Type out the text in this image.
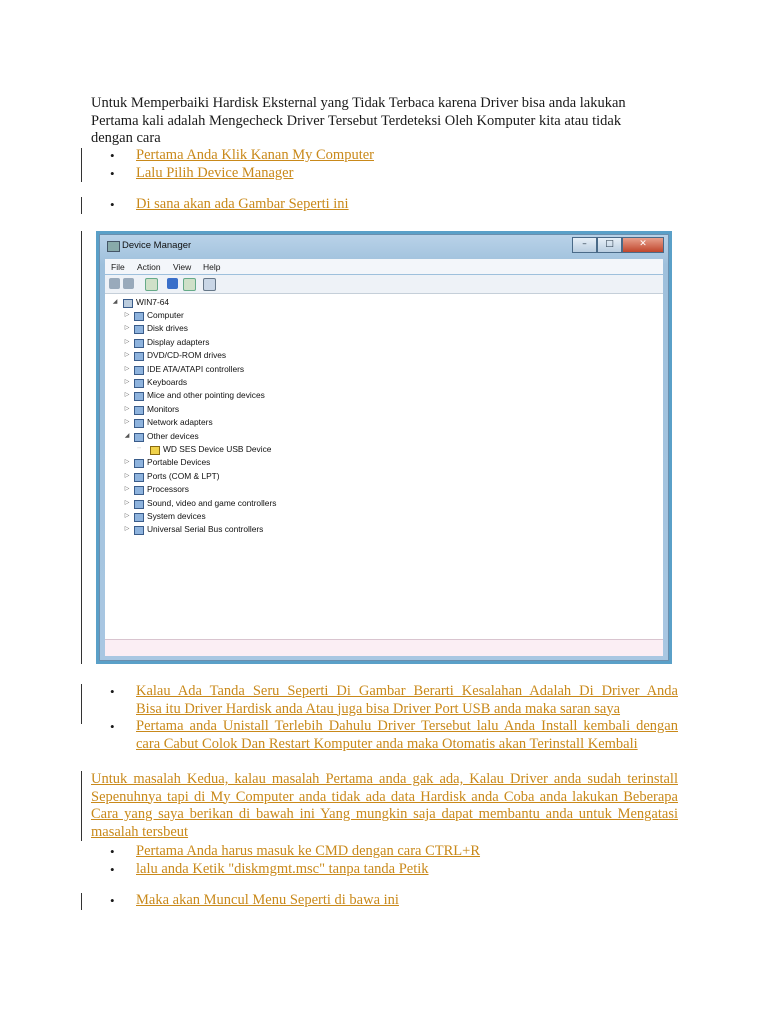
Untuk Memperbaiki Hardisk Eksternal yang Tidak Terbaca karena Driver bisa anda lakukan
Pertama kali adalah Mengecheck Driver Tersebut Terdeteksi Oleh Komputer kita atau tidak
dengan cara
• Pertama Anda Klik Kanan My Computer
• Lalu Pilih Device Manager
• Di sana akan ada Gambar Seperti ini
Device Manager	–	□	✕
File Action View Help
◢ WIN7-64
▷ Computer
▷ Disk drives
▷ Display adapters
▷ DVD/CD-ROM drives
▷ IDE ATA/ATAPI controllers
▷ Keyboards
▷ Mice and other pointing devices
▷ Monitors
▷ Network adapters
◢ Other devices
┄	WD SES Device USB Device
▷ Portable Devices
▷ Ports (COM & LPT)
▷ Processors
▷ Sound, video and game controllers
▷ System devices
▷ Universal Serial Bus controllers
• Kalau Ada Tanda Seru Seperti Di Gambar Berarti Kesalahan Adalah Di Driver Anda
Bisa itu Driver Hardisk anda Atau juga bisa Driver Port USB anda maka saran saya
• Pertama anda Unistall Terlebih Dahulu Driver Tersebut lalu Anda Install kembali dengan
cara Cabut Colok Dan Restart Komputer anda maka Otomatis akan Terinstall Kembali
Untuk masalah Kedua, kalau masalah Pertama anda gak ada, Kalau Driver anda sudah terinstall
Sepenuhnya tapi di My Computer anda tidak ada data Hardisk anda Coba anda lakukan Beberapa
Cara yang saya berikan di bawah ini Yang mungkin saja dapat membantu anda untuk Mengatasi
masalah tersbeut
• Pertama Anda harus masuk ke CMD dengan cara CTRL+R
• lalu anda Ketik "diskmgmt.msc" tanpa tanda Petik
• Maka akan Muncul Menu Seperti di bawa ini
